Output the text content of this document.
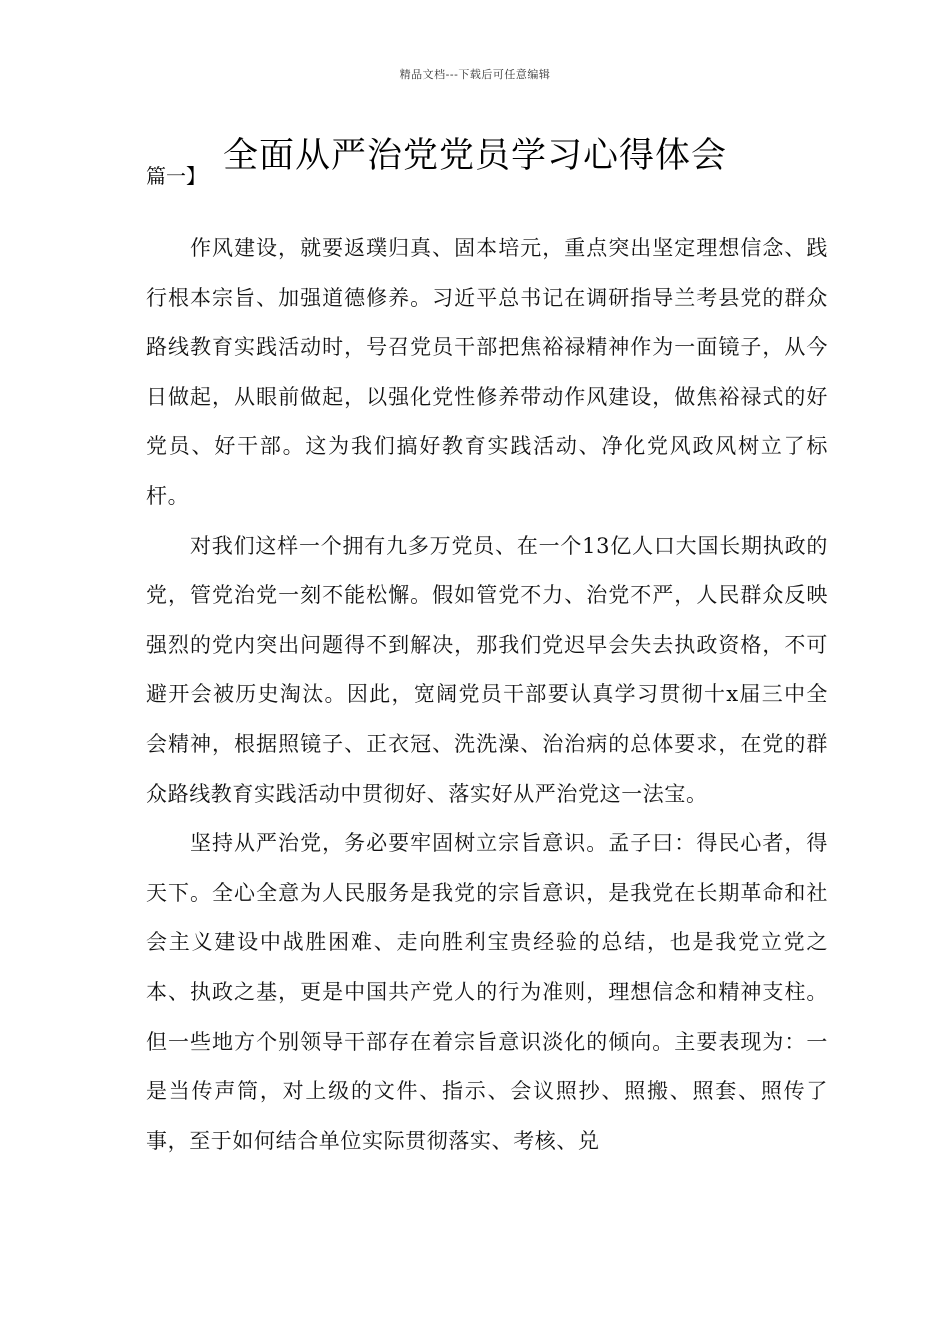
精品文档---下载后可任意编辑
全面从严治党党员学习心得体会
篇一】

作风建设，就要返璞归真、固本培元，重点突出坚定理想信念、践行根本宗旨、加强道德修养。习近平总书记在调研指导兰考县党的群众路线教育实践活动时，号召党员干部把焦裕禄精神作为一面镜子，从今日做起，从眼前做起，以强化党性修养带动作风建设，做焦裕禄式的好党员、好干部。这为我们搞好教育实践活动、净化党风政风树立了标杆。

对我们这样一个拥有九多万党员、在一个13亿人口大国长期执政的党，管党治党一刻不能松懈。假如管党不力、治党不严，人民群众反映强烈的党内突出问题得不到解决，那我们党迟早会失去执政资格，不可避开会被历史淘汰。因此，宽阔党员干部要认真学习贯彻十x届三中全会精神，根据照镜子、正衣冠、洗洗澡、治治病的总体要求，在党的群众路线教育实践活动中贯彻好、落实好从严治党这一法宝。

坚持从严治党，务必要牢固树立宗旨意识。孟子曰：得民心者，得天下。全心全意为人民服务是我党的宗旨意识，是我党在长期革命和社会主义建设中战胜困难、走向胜利宝贵经验的总结，也是我党立党之本、执政之基，更是中国共产党人的行为准则，理想信念和精神支柱。但一些地方个别领导干部存在着宗旨意识淡化的倾向。主要表现为：一是当传声筒，对上级的文件、指示、会议照抄、照搬、照套、照传了事，至于如何结合单位实际贯彻落实、考核、兑
